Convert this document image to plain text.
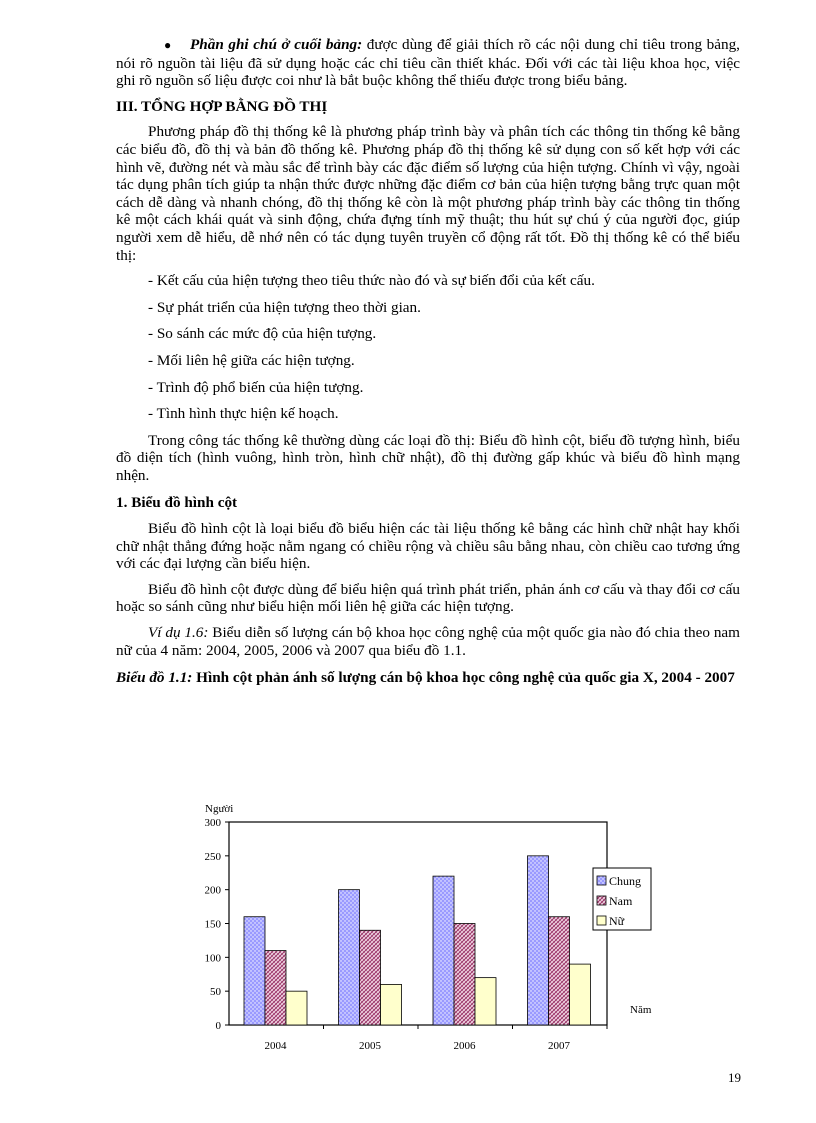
● Phần ghi chú ở cuối bảng: được dùng để giải thích rõ các nội dung chỉ tiêu trong bảng, nói rõ nguồn tài liệu đã sử dụng hoặc các chỉ tiêu cần thiết khác. Đối với các tài liệu khoa học, việc ghi rõ nguồn số liệu được coi như là bắt buộc không thể thiếu được trong biểu bảng.

III. TỔNG HỢP BẰNG ĐỒ THỊ

Phương pháp đồ thị thống kê là phương pháp trình bày và phân tích các thông tin thống kê bằng các biểu đồ, đồ thị và bản đồ thống kê. Phương pháp đồ thị thống kê sử dụng con số kết hợp với các hình vẽ, đường nét và màu sắc để trình bày các đặc điểm số lượng của hiện tượng. Chính vì vậy, ngoài tác dụng phân tích giúp ta nhận thức được những đặc điểm cơ bản của hiện tượng bằng trực quan một cách dễ dàng và nhanh chóng, đồ thị thống kê còn là một phương pháp trình bày các thông tin thống kê một cách khái quát và sinh động, chứa đựng tính mỹ thuật; thu hút sự chú ý của người đọc, giúp người xem dễ hiểu, dễ nhớ nên có tác dụng tuyên truyền cổ động rất tốt. Đồ thị thống kê có thể biểu thị:

- Kết cấu của hiện tượng theo tiêu thức nào đó và sự biến đổi của kết cấu.

- Sự phát triển của hiện tượng theo thời gian.

- So sánh các mức độ của hiện tượng.

- Mối liên hệ giữa các hiện tượng.

- Trình độ phổ biến của hiện tượng.

- Tình hình thực hiện kế hoạch.

Trong công tác thống kê thường dùng các loại đồ thị: Biểu đồ hình cột, biểu đồ tượng hình, biểu đồ diện tích (hình vuông, hình tròn, hình chữ nhật), đồ thị đường gấp khúc và biểu đồ hình mạng nhện.

1. Biểu đồ hình cột

Biểu đồ hình cột là loại biểu đồ biểu hiện các tài liệu thống kê bằng các hình chữ nhật hay khối chữ nhật thẳng đứng hoặc nằm ngang có chiều rộng và chiều sâu bằng nhau, còn chiều cao tương ứng với các đại lượng cần biểu hiện.

Biểu đồ hình cột được dùng để biểu hiện quá trình phát triển, phản ánh cơ cấu và thay đổi cơ cấu hoặc so sánh cũng như biểu hiện mối liên hệ giữa các hiện tượng.

Ví dụ 1.6: Biểu diễn số lượng cán bộ khoa học công nghệ của một quốc gia nào đó chia theo nam nữ của 4 năm: 2004, 2005, 2006 và 2007 qua biểu đồ 1.1.

Biểu đồ 1.1: Hình cột phản ánh số lượng cán bộ khoa học công nghệ của quốc gia X, 2004 - 2007

0
50
100
150
200
250
300
Người
Năm
2004	2005	2006	2007
Chung
Nam
Nữ
19
